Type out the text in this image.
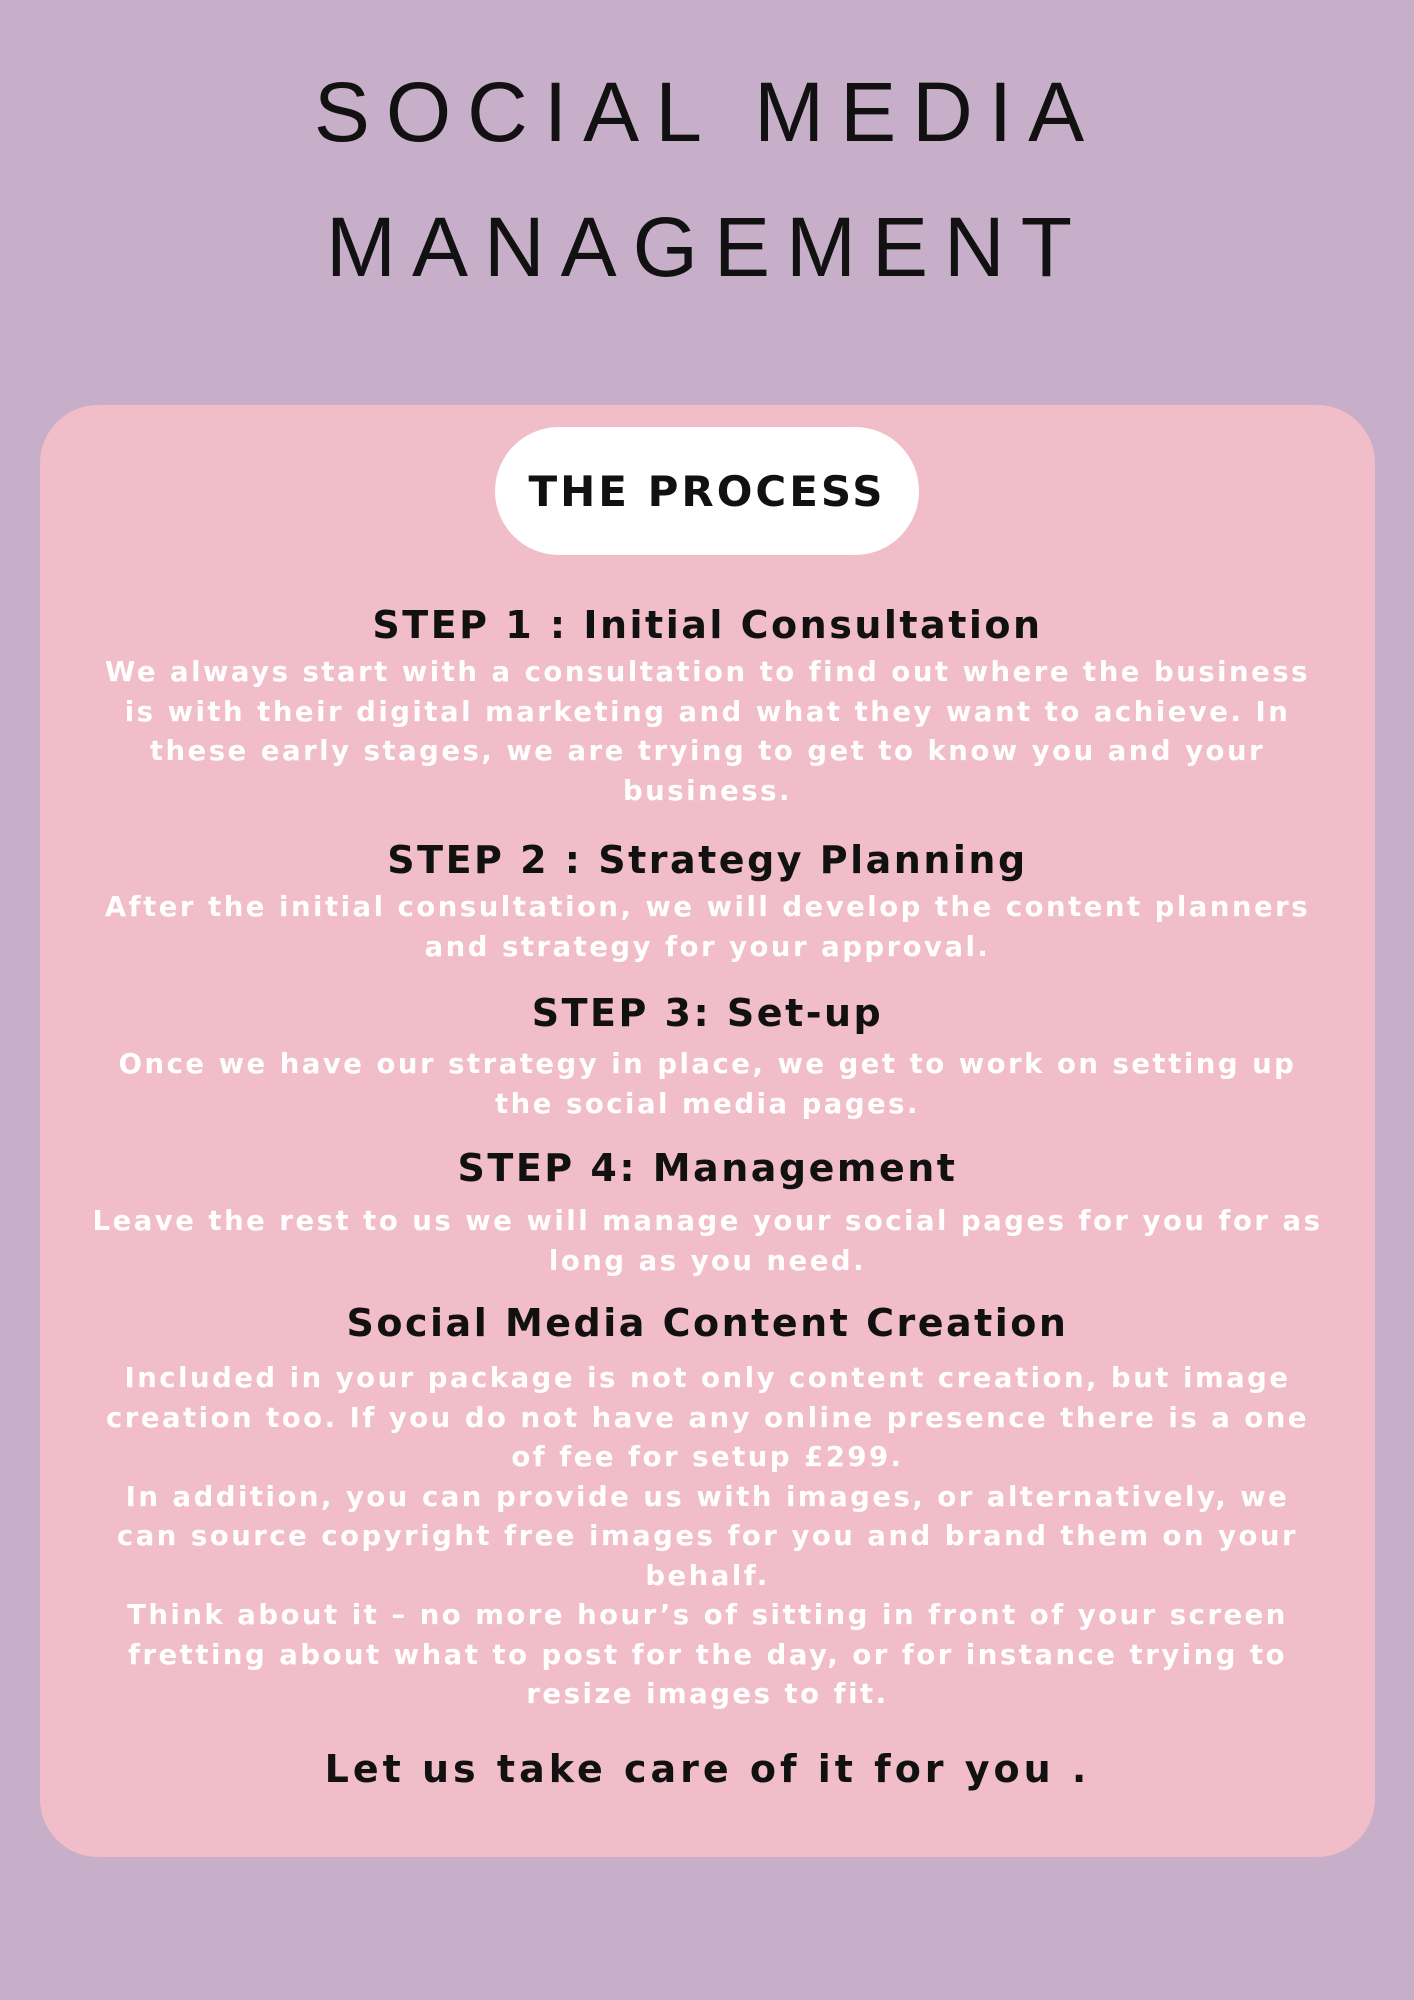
SOCIAL MEDIA
MANAGEMENT
THE PROCESS
STEP 1 : Initial Consultation
We always start with a consultation to find out where the business is with their digital marketing and what they want to achieve. In these early stages, we are trying to get to know you and your business.
STEP 2 : Strategy Planning
After the initial consultation, we will develop the content planners and strategy for your approval.
STEP 3: Set-up
Once we have our strategy in place, we get to work on setting up the social media pages.
STEP 4: Management
Leave the rest to us we will manage your social pages for you for as long as you need.
Social Media Content Creation
Included in your package is not only content creation, but image creation too. If you do not have any online presence there is a one of fee for setup £299.
In addition, you can provide us with images, or alternatively, we can source copyright free images for you and brand them on your behalf.
Think about it – no more hour’s of sitting in front of your screen fretting about what to post for the day, or for instance trying to resize images to fit.
Let us take care of it for you .
